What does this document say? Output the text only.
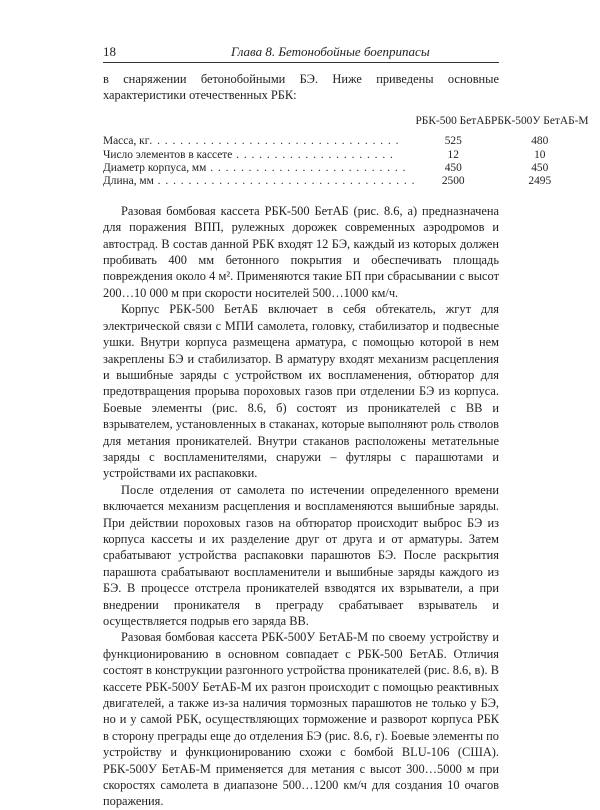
18	Глава 8. Бетонобойные боеприпасы

в снаряжении бетонобойными БЭ. Ниже приведены основные характеристики отечественных РБК:

		РБК-500 БетАБ	РБК-500У БетАБ-М
	Масса, кг. . . . . . . . . . . . . . . . . . . . . . . . . . . . . . . . .	525	480
	Число элементов в кассете . . . . . . . . . . . . . . . . . . . . .	12	10
	Диаметр корпуса, мм . . . . . . . . . . . . . . . . . . . . . . . . . .	450	450
	Длина, мм . . . . . . . . . . . . . . . . . . . . . . . . . . . . . . . . . .	2500	2495

Разовая бомбовая кассета РБК-500 БетАБ (рис. 8.6, а) предназначена для поражения ВПП, рулежных дорожек современных аэродромов и автострад. В состав данной РБК входят 12 БЭ, каждый из которых должен пробивать 400 мм бетонного покрытия и обеспечивать площадь повреждения около 4 м². Применяются такие БП при сбрасывании с высот 200…10 000 м при скорости носителей 500…1000 км/ч.

Корпус РБК-500 БетАБ включает в себя обтекатель, жгут для электрической связи с МПИ самолета, головку, стабилизатор и подвесные ушки. Внутри корпуса размещена арматура, с помощью которой в нем закреплены БЭ и стабилизатор. В арматуру входят механизм расцепления и вышибные заряды с устройством их воспламенения, обтюратор для предотвращения прорыва пороховых газов при отделении БЭ из корпуса. Боевые элементы (рис. 8.6, б) состоят из проникателей с ВВ и взрывателем, установленных в стаканах, которые выполняют роль стволов для метания проникателей. Внутри стаканов расположены метательные заряды с воспламенителями, снаружи – футляры с парашютами и устройствами их распаковки.

После отделения от самолета по истечении определенного времени включается механизм расцепления и воспламеняются вышибные заряды. При действии пороховых газов на обтюратор происходит выброс БЭ из корпуса кассеты и их разделение друг от друга и от арматуры. Затем срабатывают устройства распаковки парашютов БЭ. После раскрытия парашюта срабатывают воспламенители и вышибные заряды каждого из БЭ. В процессе отстрела проникателей взводятся их взрыватели, а при внедрении проникателя в преграду срабатывает взрыватель и осуществляется подрыв его заряда ВВ.

Разовая бомбовая кассета РБК-500У БетАБ-М по своему устройству и функционированию в основном совпадает с РБК-500 БетАБ. Отличия состоят в конструкции разгонного устройства проникателей (рис. 8.6, в). В кассете РБК-500У БетАБ-М их разгон происходит с помощью реактивных двигателей, а также из-за наличия тормозных парашютов не только у БЭ, но и у самой РБК, осуществляющих торможение и разворот корпуса РБК в сторону преграды еще до отделения БЭ (рис. 8.6, г). Боевые элементы по устройству и функционированию схожи с бомбой BLU-106 (США). РБК-500У БетАБ-М применяется для метания с высот 300…5000 м при скоростях самолета в диапазоне 500…1200 км/ч для создания 10 очагов поражения.
